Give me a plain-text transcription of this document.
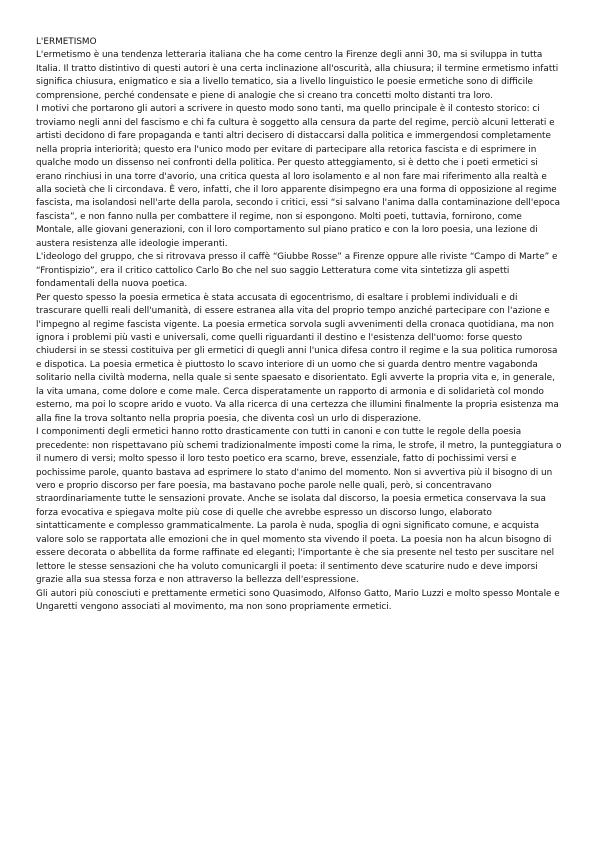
L'ERMETISMO

L'ermetismo è una tendenza letteraria italiana che ha come centro la Firenze degli anni 30, ma si sviluppa in tutta Italia. Il tratto distintivo di questi autori è una certa inclinazione all'oscurità, alla chiusura; il termine ermetismo infatti significa chiusura, enigmatico e sia a livello tematico, sia a livello linguistico le poesie ermetiche sono di difficile comprensione, perché condensate e piene di analogie che si creano tra concetti molto distanti tra loro.

I motivi che portarono gli autori a scrivere in questo modo sono tanti, ma quello principale è il contesto storico: ci troviamo negli anni del fascismo e chi fa cultura è soggetto alla censura da parte del regime, perciò alcuni letterati e artisti decidono di fare propaganda e tanti altri decisero di distaccarsi dalla politica e immergendosi completamente nella propria interiorità; questo era l'unico modo per evitare di partecipare alla retorica fascista e di esprimere in qualche modo un dissenso nei confronti della politica. Per questo atteggiamento, si è detto che i poeti ermetici si erano rinchiusi in una torre d'avorio, una critica questa al loro isolamento e al non fare mai riferimento alla realtà e alla società che li circondava. È vero, infatti, che il loro apparente disimpegno era una forma di opposizione al regime fascista, ma isolandosi nell'arte della parola, secondo i critici, essi “si salvano l'anima dalla contaminazione dell'epoca fascista”, e non fanno nulla per combattere il regime, non si espongono. Molti poeti, tuttavia, fornirono, come Montale, alle giovani generazioni, con il loro comportamento sul piano pratico e con la loro poesia, una lezione di austera resistenza alle ideologie imperanti.

L'ideologo del gruppo, che si ritrovava presso il caffè “Giubbe Rosse” a Firenze oppure alle riviste “Campo di Marte” e “Frontispizio”, era il critico cattolico Carlo Bo che nel suo saggio Letteratura come vita sintetizza gli aspetti fondamentali della nuova poetica.

Per questo spesso la poesia ermetica è stata accusata di egocentrismo, di esaltare i problemi individuali e di trascurare quelli reali dell'umanità, di essere estranea alla vita del proprio tempo anziché partecipare con l'azione e l'impegno al regime fascista vigente. La poesia ermetica sorvola sugli avvenimenti della cronaca quotidiana, ma non ignora i problemi più vasti e universali, come quelli riguardanti il destino e l'esistenza dell'uomo: forse questo chiudersi in se stessi costituiva per gli ermetici di quegli anni l'unica difesa contro il regime e la sua politica rumorosa e dispotica. La poesia ermetica è piuttosto lo scavo interiore di un uomo che si guarda dentro mentre vagabonda solitario nella civiltà moderna, nella quale si sente spaesato e disorientato. Egli avverte la propria vita e, in generale, la vita umana, come dolore e come male. Cerca disperatamente un rapporto di armonia e di solidarietà col mondo esterno, ma poi lo scopre arido e vuoto. Va alla ricerca di una certezza che illumini finalmente la propria esistenza ma alla fine la trova soltanto nella propria poesia, che diventa così un urlo di disperazione.

I componimenti degli ermetici hanno rotto drasticamente con tutti in canoni e con tutte le regole della poesia precedente: non rispettavano più schemi tradizionalmente imposti come la rima, le strofe, il metro, la punteggiatura o il numero di versi; molto spesso il loro testo poetico era scarno, breve, essenziale, fatto di pochissimi versi e pochissime parole, quanto bastava ad esprimere lo stato d'animo del momento. Non si avvertiva più il bisogno di un vero e proprio discorso per fare poesia, ma bastavano poche parole nelle quali, però, si concentravano straordinariamente tutte le sensazioni provate. Anche se isolata dal discorso, la poesia ermetica conservava la sua forza evocativa e spiegava molte più cose di quelle che avrebbe espresso un discorso lungo, elaborato sintatticamente e complesso grammaticalmente. La parola è nuda, spoglia di ogni significato comune, e acquista valore solo se rapportata alle emozioni che in quel momento sta vivendo il poeta. La poesia non ha alcun bisogno di essere decorata o abbellita da forme raffinate ed eleganti; l'importante è che sia presente nel testo per suscitare nel lettore le stesse sensazioni che ha voluto comunicargli il poeta: il sentimento deve scaturire nudo e deve imporsi grazie alla sua stessa forza e non attraverso la bellezza dell'espressione.

Gli autori più conosciuti e prettamente ermetici sono Quasimodo, Alfonso Gatto, Mario Luzzi e molto spesso Montale e Ungaretti vengono associati al movimento, ma non sono propriamente ermetici.
